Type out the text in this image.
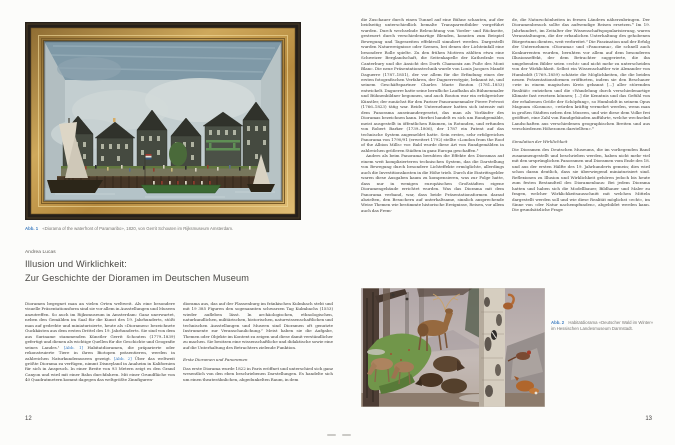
Abb. 1 «Diorama of the waterfront of Paramaribo», 1820, von Gerrit Schouten im Rijksmuseum Amsterdam.
Andrea Lucas
Illusion und Wirklichkeit:
Zur Geschichte der Dioramen im Deutschen Museum

Dioramen begegnet man an vielen Orten weltweit. Als eine besondere visuelle Präsentationsform sind sie vor allem in Ausstellungen und Museen anzutreffen. So auch im Rijksmuseum in Amsterdam: Ganz unerwartet, neben den Gemälden im Saal für die Kunst des 19. Jahrhunderts, stößt man auf gedrehte und miniaturisierte, heute als «Dioramen» bezeichnete Guckkästen aus dem ersten Drittel des 19. Jahrhunderts. Sie sind von dem aus Suriname stammenden Künstler Gerrit Schouten (1779–1839) gefertigt und dienen als wichtige Quellen für die Geschichte und Geografie seines Landes.¹ [Abb. 1] Habitatdioramen, die präparierte oder rekonstruierte Tiere in ihren Biotopen präsentieren, werden in zahlreichen Naturkundemuseen gezeigt. [Abb. 2] Über das weltweit größte Diorama zu verfügen, nimmt Disneyland in Anaheim in Kalifornien für sich in Anspruch. In einer Breite von 93 Metern zeigt es den Grand Canyon und wird mit einer Bahn durchfahren. Mit einer Grundfläche von 40 Quadratmetern kommt dagegen das weltgrößte Zinnfiguren-

diorama aus, das auf der Plassenburg im fränkischen Kulmbach steht und mit 19 385 Figuren den sogenannten schwarzen Tag Kulmbachs (1553) wieder aufleben lässt. In archäologischen, ethnologischen, naturkundlichen, militärischen, historischen, naturwissenschaftlichen und technischen Ausstellungen und Museen sind Dioramen oft genutzte Instrumente zur Veranschaulichung.² Meist haben sie die Aufgabe, Themen oder Objekte im Kontext zu zeigen und diese damit verständlicher zu machen. Sie besitzen eine wissenschaftliche und didaktische sowie eine auf die Unterhaltung des Betrachters zielende Funktion.

Erste Dioramen und Panoramen

Das erste Diorama wurde 1822 in Paris eröffnet und unterschied sich ganz wesentlich von den eben beschriebenen Darstellungen. Es handelte sich um einen theaterähnlichen, abgedunkelten Raum, in dem

12

die Zuschauer durch einen Tunnel auf eine Bühne schauten, auf der beidseitig unterschiedlich bemalte Transparentbilder vorgeführt wurden. Durch wechselnde Beleuchtung von Vorder- und Rückseite, gesteuert durch verschiedenartige Blenden, konnten zum Beispiel Bewegung und Tageszeiten effektvoll simuliert werden. Dargestellt wurden Naturereignisse oder Szenen, bei denen der Lichteinfall eine besondere Rolle spielte. Zu den frühen Motiven zählten etwa eine Schweizer Berglandschaft, die Seitenkapelle der Kathedrale von Canterbury und die Ansicht des Dorfs Chamonix am Fuße des Mont Blanc. Die neue Präsentationstechnik wurde von Louis Jacques Mandé Daguerre (1787–1851), der vor allem für die Erfindung eines der ersten fotografischen Verfahren, der Daguerreotypie, bekannt ist, und seinem Geschäftspartner Charles Marie Bouton (1781–1853) entwickelt. Daguerre hatte seine berufliche Laufbahn als Bühnenmaler und Bühnenbildner begonnen, und auch Bouton war ein erfolgreicher Künstler, der zunächst für den Pariser Panoramenmaler Pierre Prévost (1766–1823) tätig war. Beide Unternehmer hatten sich intensiv mit dem Panorama auseinandergesetzt, das man als Vorläufer des Dioramas bezeichnen kann. Hierbei handelt es sich um Rundgemälde, meist ausgestellt in öffentlichen Räumen, in Rotunden, und erfunden von Robert Barker (1739–1806), der 1787 ein Patent auf das technische System angemeldet hatte. Sein erstes, sehr erfolgreiches Panorama von 1790/91 (erweitert 1792) stellte «London from the Roof of the Albion Mills» vor. Bald wurde diese Art von Rundgemälden in zahlreichen größeren Städten in ganz Europa geschaffen.³

Anders als beim Panorama beruhten die Effekte des Dioramas auf einem weit komplizierteren technischen System, das die Darstellung von Bewegung durch besondere Lichteffekte ermöglichte, allerdings auch die Investitionskosten in die Höhe trieb. Durch die Eintrittsgelder waren diese Ausgaben kaum zu kompensieren, was zur Folge hatte, dass nur in wenigen europäischen Großstädten eigene Dioramengebäude errichtet wurden. Was das Diorama mit dem Panorama verband, war, dass beide Präsentationsformen darauf abzielten, den Besuchern auf unterhaltsame, sinnlich ansprechende Weise Themen wie bestimmte historische Ereignisse, Reisen, vor allem auch das Frem-

de, die Naturschönheiten in fernen Ländern näherzubringen. Der Dioramenbesuch sollte das aufwendige Reisen ersetzen.⁴ Im 19. Jahrhundert, im Zeitalter der Wissenschaftspopularisierung, waren Veranstaltungen, die der erbaulichen Unterhaltung des gehobenen Bürgertums dienten, weit verbreitet.⁵ Die Faszination und der Erfolg der Unternehmen «Diorama» und «Panorama», die schnell auch Konkurrenten wurden, beruhten vor allem auf dem besonderen Illusionseffekt, der dem Betrachter suggerierte, die ihn umgebenden Bilder seien «echt» und nicht mehr zu unterscheiden von der Wirklichkeit. Selbst ein Wissenschaftler wie Alexander von Humboldt (1769–1859) schätzte die Möglichkeiten, die die beiden neuen Präsentationsformen eröffneten, indem sie den Beschauer «wie in einem magischen Kreis gebannt [...] aller störenden Realität» entziehen und die «Wandelung durch verschiedenartige Klimate fast ersetzen können; [...] die Kenntnis und das Gefühl von der erhabenen Größe der Schöpfung», so Humboldt in seinem Opus Magnum «Kosmos», «würden kräftig vermehrt werden, wenn man in großen Städten neben den Museen, und wie diese dem Volke frei geöffnet, eine Zahl von Rundgebäuden aufführte, welche wechselnd Landschaften aus verschiedenen geographischen Breiten und aus verschiedenen Höhezonen darstellten».⁶

Simulation der Wirklichkeit

Die Dioramen des Deutschen Museums, die im vorliegenden Band zusammengestellt und beschrieben werden, haben nicht mehr viel mit den ursprünglichen Panoramen und Dioramen vom Ende des 18. und aus der ersten Hälfte des 19. Jahrhunderts gemein; dies wird schon daran deutlich, dass sie überwiegend miniaturisiert sind. Reflexionen zu Illusion und Wirklichkeit gehören jedoch bis heute zum festen Bestandteil des Dioramenbaus: Bei jedem Diorama hatten und haben sich die Modellbauer, Bildhauer und Maler zu fragen, welcher Wirklichkeitsausschnitt mit welchen Mitteln dargestellt werden soll und wie diese Realität möglichst «echt», im Sinne von «der Natur nachempfunden», abgebildet werden kann. Die grundsätzliche Frage

Abb. 2 Habitatdiorama «Deutscher Wald im Winter»
im Hessischen Landesmuseum Darmstadt.
13
